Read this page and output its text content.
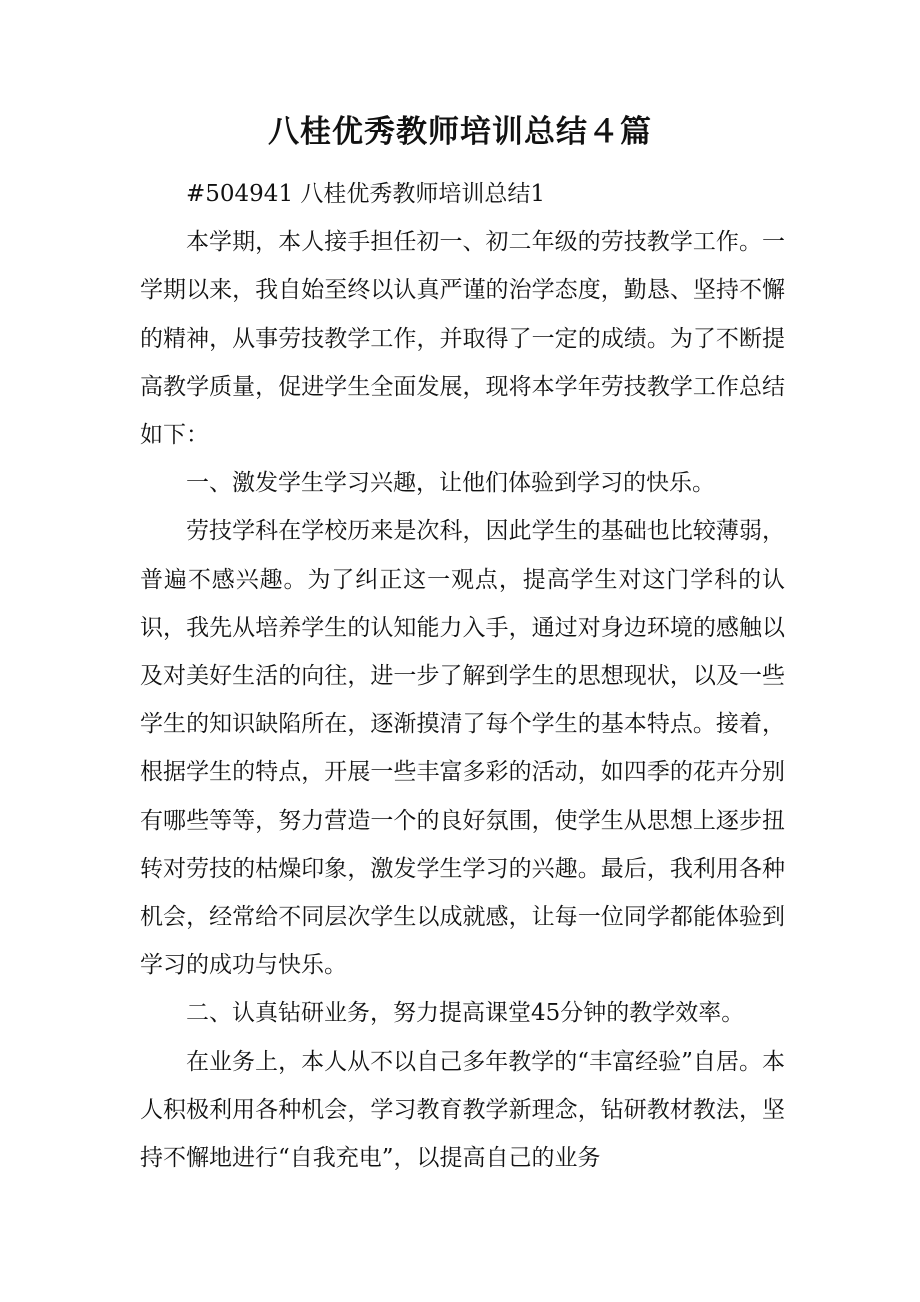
八桂优秀教师培训总结４篇

#504941 八桂优秀教师培训总结1

本学期，本人接手担任初一、初二年级的劳技教学工作。一学期以来，我自始至终以认真严谨的治学态度，勤恳、坚持不懈的精神，从事劳技教学工作，并取得了一定的成绩。为了不断提高教学质量，促进学生全面发展，现将本学年劳技教学工作总结如下：

一、激发学生学习兴趣，让他们体验到学习的快乐。

劳技学科在学校历来是次科，因此学生的基础也比较薄弱，普遍不感兴趣。为了纠正这一观点，提高学生对这门学科的认识，我先从培养学生的认知能力入手，通过对身边环境的感触以及对美好生活的向往，进一步了解到学生的思想现状，以及一些学生的知识缺陷所在，逐渐摸清了每个学生的基本特点。接着，根据学生的特点，开展一些丰富多彩的活动，如四季的花卉分别有哪些等等，努力营造一个的良好氛围，使学生从思想上逐步扭转对劳技的枯燥印象，激发学生学习的兴趣。最后，我利用各种机会，经常给不同层次学生以成就感，让每一位同学都能体验到学习的成功与快乐。

二、认真钻研业务，努力提高课堂45分钟的教学效率。

在业务上，本人从不以自己多年教学的“丰富经验”自居。本人积极利用各种机会，学习教育教学新理念，钻研教材教法，坚持不懈地进行“自我充电”，以提高自己的业务
